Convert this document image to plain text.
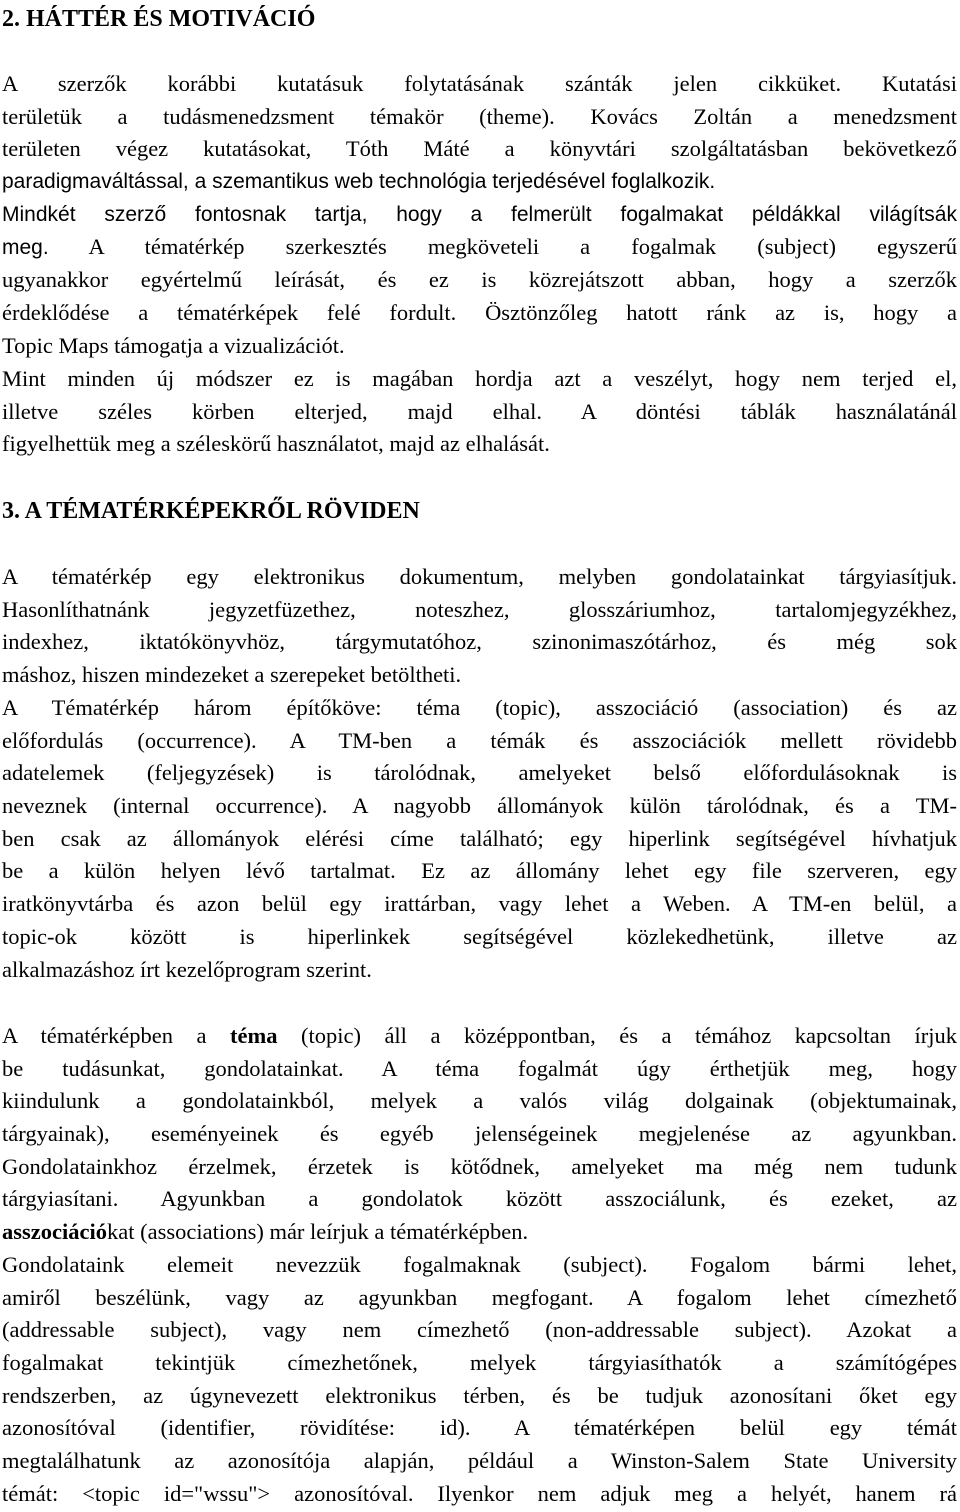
2. HÁTTÉR ÉS MOTIVÁCIÓ
A szerzők korábbi kutatásuk folytatásának szánták jelen cikküket. Kutatási
területük a tudásmenedzsment témakör (theme). Kovács Zoltán a menedzsment
területen végez kutatásokat, Tóth Máté a könyvtári szolgáltatásban bekövetkező
paradigmaváltással, a szemantikus web technológia terjedésével foglalkozik.
Mindkét szerző fontosnak tartja, hogy a felmerült fogalmakat példákkal világítsák
meg. A tématérkép szerkesztés megköveteli a fogalmak (subject) egyszerű
ugyanakkor egyértelmű leírását, és ez is közrejátszott abban, hogy a szerzők
érdeklődése a tématérképek felé fordult. Ösztönzőleg hatott ránk az is, hogy a
Topic Maps támogatja a vizualizációt.
Mint minden új módszer ez is magában hordja azt a veszélyt, hogy nem terjed el,
illetve széles körben elterjed, majd elhal. A döntési táblák használatánál
figyelhettük meg a széleskörű használatot, majd az elhalását.
3. A TÉMATÉRKÉPEKRŐL RÖVIDEN
A tématérkép egy elektronikus dokumentum, melyben gondolatainkat tárgyiasítjuk.
Hasonlíthatnánk jegyzetfüzethez, noteszhez, glosszáriumhoz, tartalomjegyzékhez,
indexhez, iktatókönyvhöz, tárgymutatóhoz, szinonimaszótárhoz, és még sok
máshoz, hiszen mindezeket a szerepeket betöltheti.
A Tématérkép három építőköve: téma (topic), asszociáció (association) és az
előfordulás (occurrence). A TM-ben a témák és asszociációk mellett rövidebb
adatelemek (feljegyzések) is tárolódnak, amelyeket belső előfordulásoknak is
neveznek (internal occurrence). A nagyobb állományok külön tárolódnak, és a TM-
ben csak az állományok elérési címe található; egy hiperlink segítségével hívhatjuk
be a külön helyen lévő tartalmat. Ez az állomány lehet egy file szerveren, egy
iratkönyvtárba és azon belül egy irattárban, vagy lehet a Weben. A TM-en belül, a
topic-ok között is hiperlinkek segítségével közlekedhetünk, illetve az
alkalmazáshoz írt kezelőprogram szerint.
A tématérképben a téma (topic) áll a középpontban, és a témához kapcsoltan írjuk
be tudásunkat, gondolatainkat. A téma fogalmát úgy érthetjük meg, hogy
kiindulunk a gondolatainkból, melyek a valós világ dolgainak (objektumainak,
tárgyainak), eseményeinek és egyéb jelenségeinek megjelenése az agyunkban.
Gondolatainkhoz érzelmek, érzetek is kötődnek, amelyeket ma még nem tudunk
tárgyiasítani. Agyunkban a gondolatok között asszociálunk, és ezeket, az
asszociációkat (associations) már leírjuk a tématérképben.
Gondolataink elemeit nevezzük fogalmaknak (subject). Fogalom bármi lehet,
amiről beszélünk, vagy az agyunkban megfogant. A fogalom lehet címezhető
(addressable subject), vagy nem címezhető (non-addressable subject). Azokat a
fogalmakat tekintjük címezhetőnek, melyek tárgyiasíthatók a számítógépes
rendszerben, az úgynevezett elektronikus térben, és be tudjuk azonosítani őket egy
azonosítóval (identifier, rövidítése: id). A tématérképen belül egy témát
megtalálhatunk az azonosítója alapján, például a Winston-Salem State University
témát: <topic id="wssu"> azonosítóval. Ilyenkor nem adjuk meg a helyét, hanem rá
